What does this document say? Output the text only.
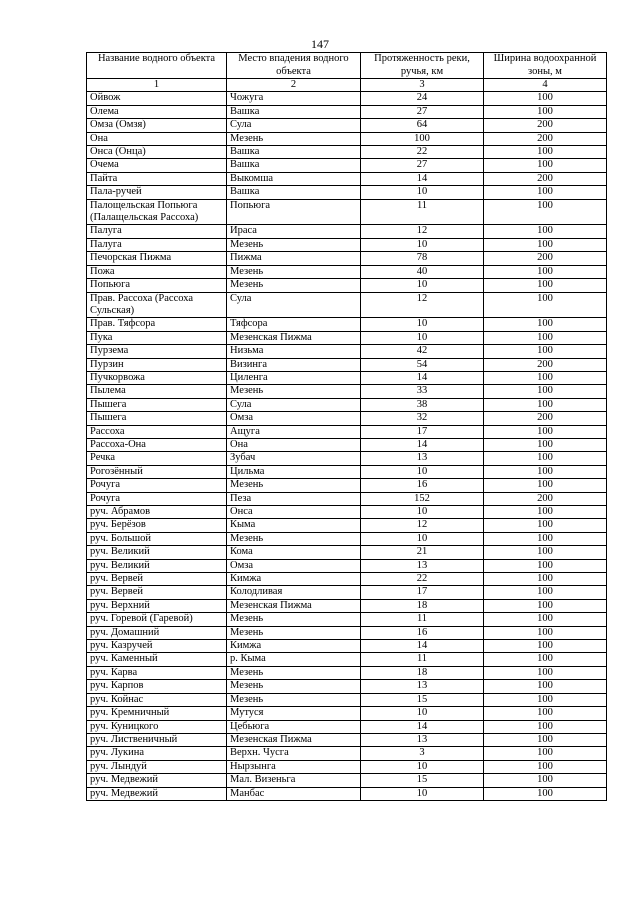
147
Название водного объекта	Место впадения водного объекта	Протяженность реки, ручья, км	Ширина водоохранной зоны, м
1	2	3	4
Ойвож	Чожуга	24	100
Олема	Вашка	27	100
Омза (Омзя)	Сула	64	200
Она	Мезень	100	200
Онса (Онца)	Вашка	22	100
Очема	Вашка	27	100
Пайта	Выкомша	14	200
Пала-ручей	Вашка	10	100
Палощельская Попьюга (Палащельская Рассоха)	Попьюга	11	100
Палуга	Ираса	12	100
Палуга	Мезень	10	100
Печорская Пижма	Пижма	78	200
Пожа	Мезень	40	100
Попьюга	Мезень	10	100
Прав. Рассоха (Рассоха Сульская)	Сула	12	100
Прав. Тяфсора	Тяфсора	10	100
Пука	Мезенская Пижма	10	100
Пурзема	Низьма	42	100
Пурзин	Визинга	54	200
Пучкорвожа	Циленга	14	100
Пылема	Мезень	33	100
Пышега	Сула	38	100
Пышега	Омза	32	200
Рассоха	Ащуга	17	100
Рассоха-Она	Она	14	100
Речка	Зубач	13	100
Рогозённый	Цильма	10	100
Рочуга	Мезень	16	100
Рочуга	Пеза	152	200
руч. Абрамов	Онса	10	100
руч. Берёзов	Кыма	12	100
руч. Большой	Мезень	10	100
руч. Великий	Кома	21	100
руч. Великий	Омза	13	100
руч. Вервей	Кимжа	22	100
руч. Вервей	Колодливая	17	100
руч. Верхний	Мезенская Пижма	18	100
руч. Горевой (Гаревой)	Мезень	11	100
руч. Домашний	Мезень	16	100
руч. Казручей	Кимжа	14	100
руч. Каменный	р. Кыма	11	100
руч. Карва	Мезень	18	100
руч. Карпов	Мезень	13	100
руч. Койнас	Мезень	15	100
руч. Кремничный	Мутуся	10	100
руч. Куницкого	Цебьюга	14	100
руч. Лиственичный	Мезенская Пижма	13	100
руч. Лукина	Верхн. Чусга	3	100
руч. Лындуй	Нырзынга	10	100
руч. Медвежий	Мал. Визеньга	15	100
руч. Медвежий	Манбас	10	100
